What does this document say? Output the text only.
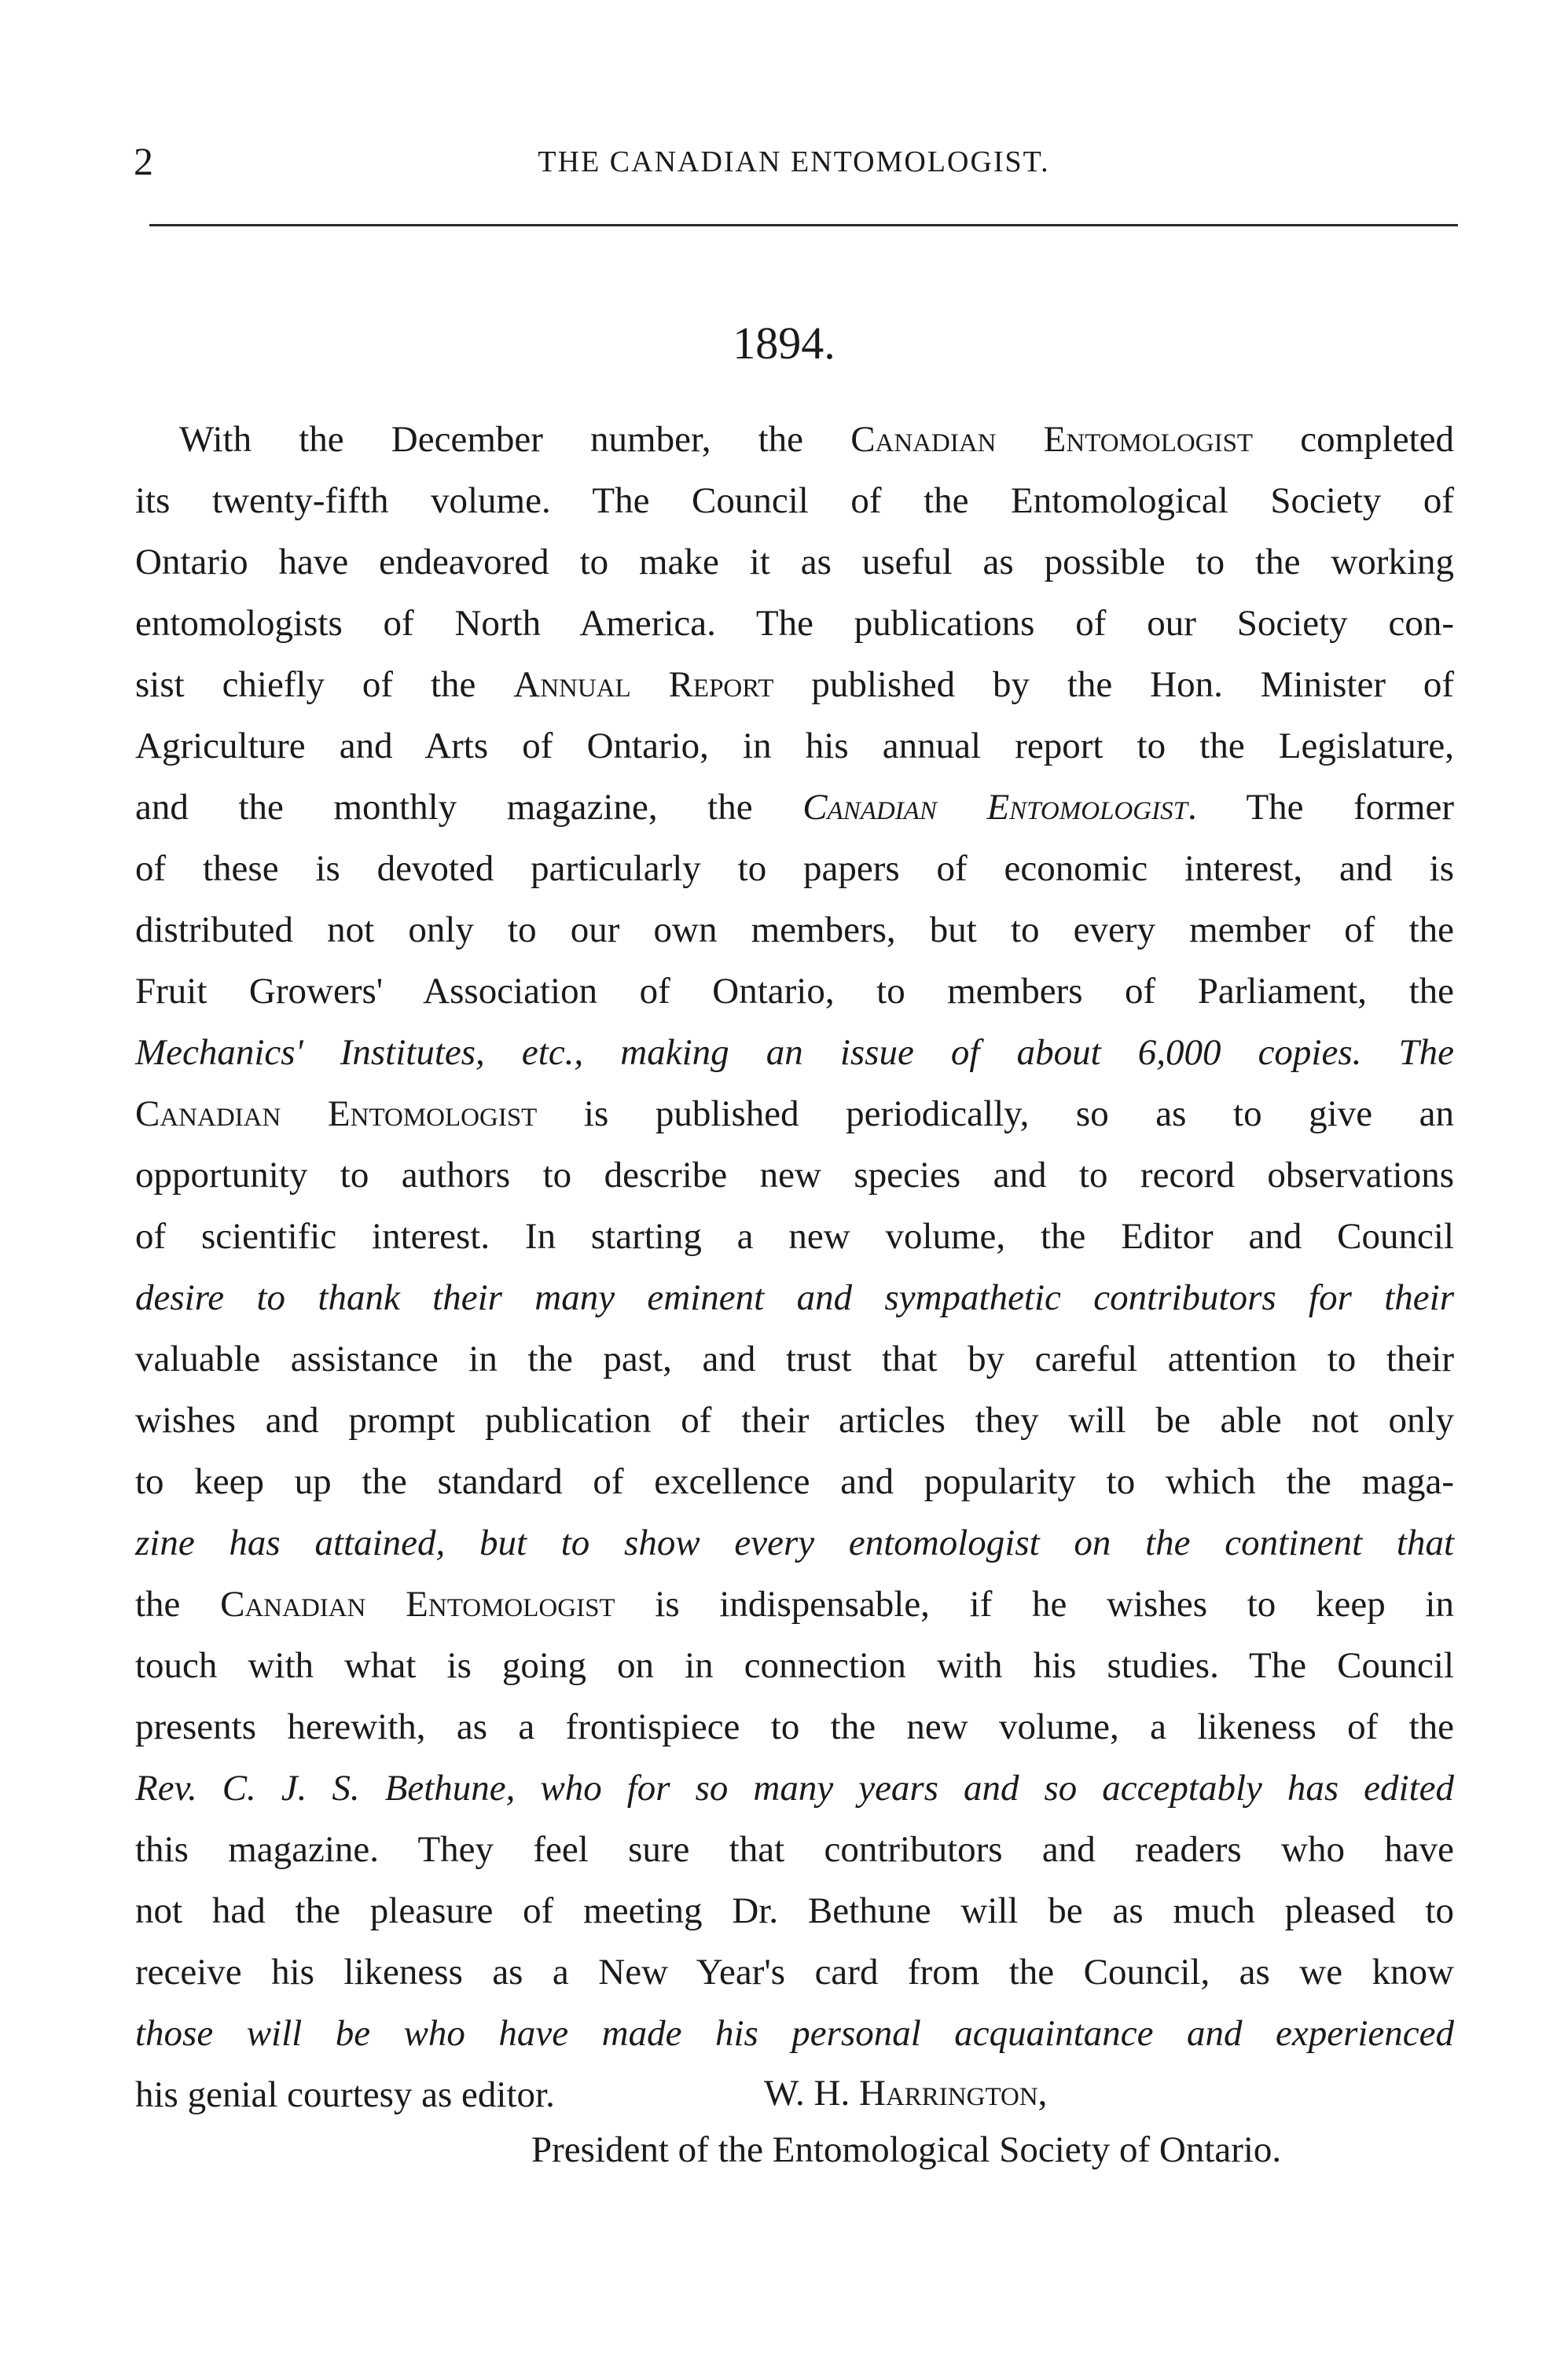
2	THE CANADIAN ENTOMOLOGIST.
1894.
With the December number, the Canadian Entomologist completed
its twenty-fifth volume. The Council of the Entomological Society of
Ontario have endeavored to make it as useful as possible to the working
entomologists of North America. The publications of our Society con-
sist chiefly of the Annual Report published by the Hon. Minister of
Agriculture and Arts of Ontario, in his annual report to the Legislature,
and the monthly magazine, the Canadian Entomologist. The former
of these is devoted particularly to papers of economic interest, and is
distributed not only to our own members, but to every member of the
Fruit Growers' Association of Ontario, to members of Parliament, the
Mechanics' Institutes, etc., making an issue of about 6,000 copies. The
Canadian Entomologist is published periodically, so as to give an
opportunity to authors to describe new species and to record observations
of scientific interest. In starting a new volume, the Editor and Council
desire to thank their many eminent and sympathetic contributors for their
valuable assistance in the past, and trust that by careful attention to their
wishes and prompt publication of their articles they will be able not only
to keep up the standard of excellence and popularity to which the maga-
zine has attained, but to show every entomologist on the continent that
the Canadian Entomologist is indispensable, if he wishes to keep in
touch with what is going on in connection with his studies. The Council
presents herewith, as a frontispiece to the new volume, a likeness of the
Rev. C. J. S. Bethune, who for so many years and so acceptably has edited
this magazine. They feel sure that contributors and readers who have
not had the pleasure of meeting Dr. Bethune will be as much pleased to
receive his likeness as a New Year's card from the Council, as we know
those will be who have made his personal acquaintance and experienced
his genial courtesy as editor.	W. H. Harrington,
President of the Entomological Society of Ontario.
